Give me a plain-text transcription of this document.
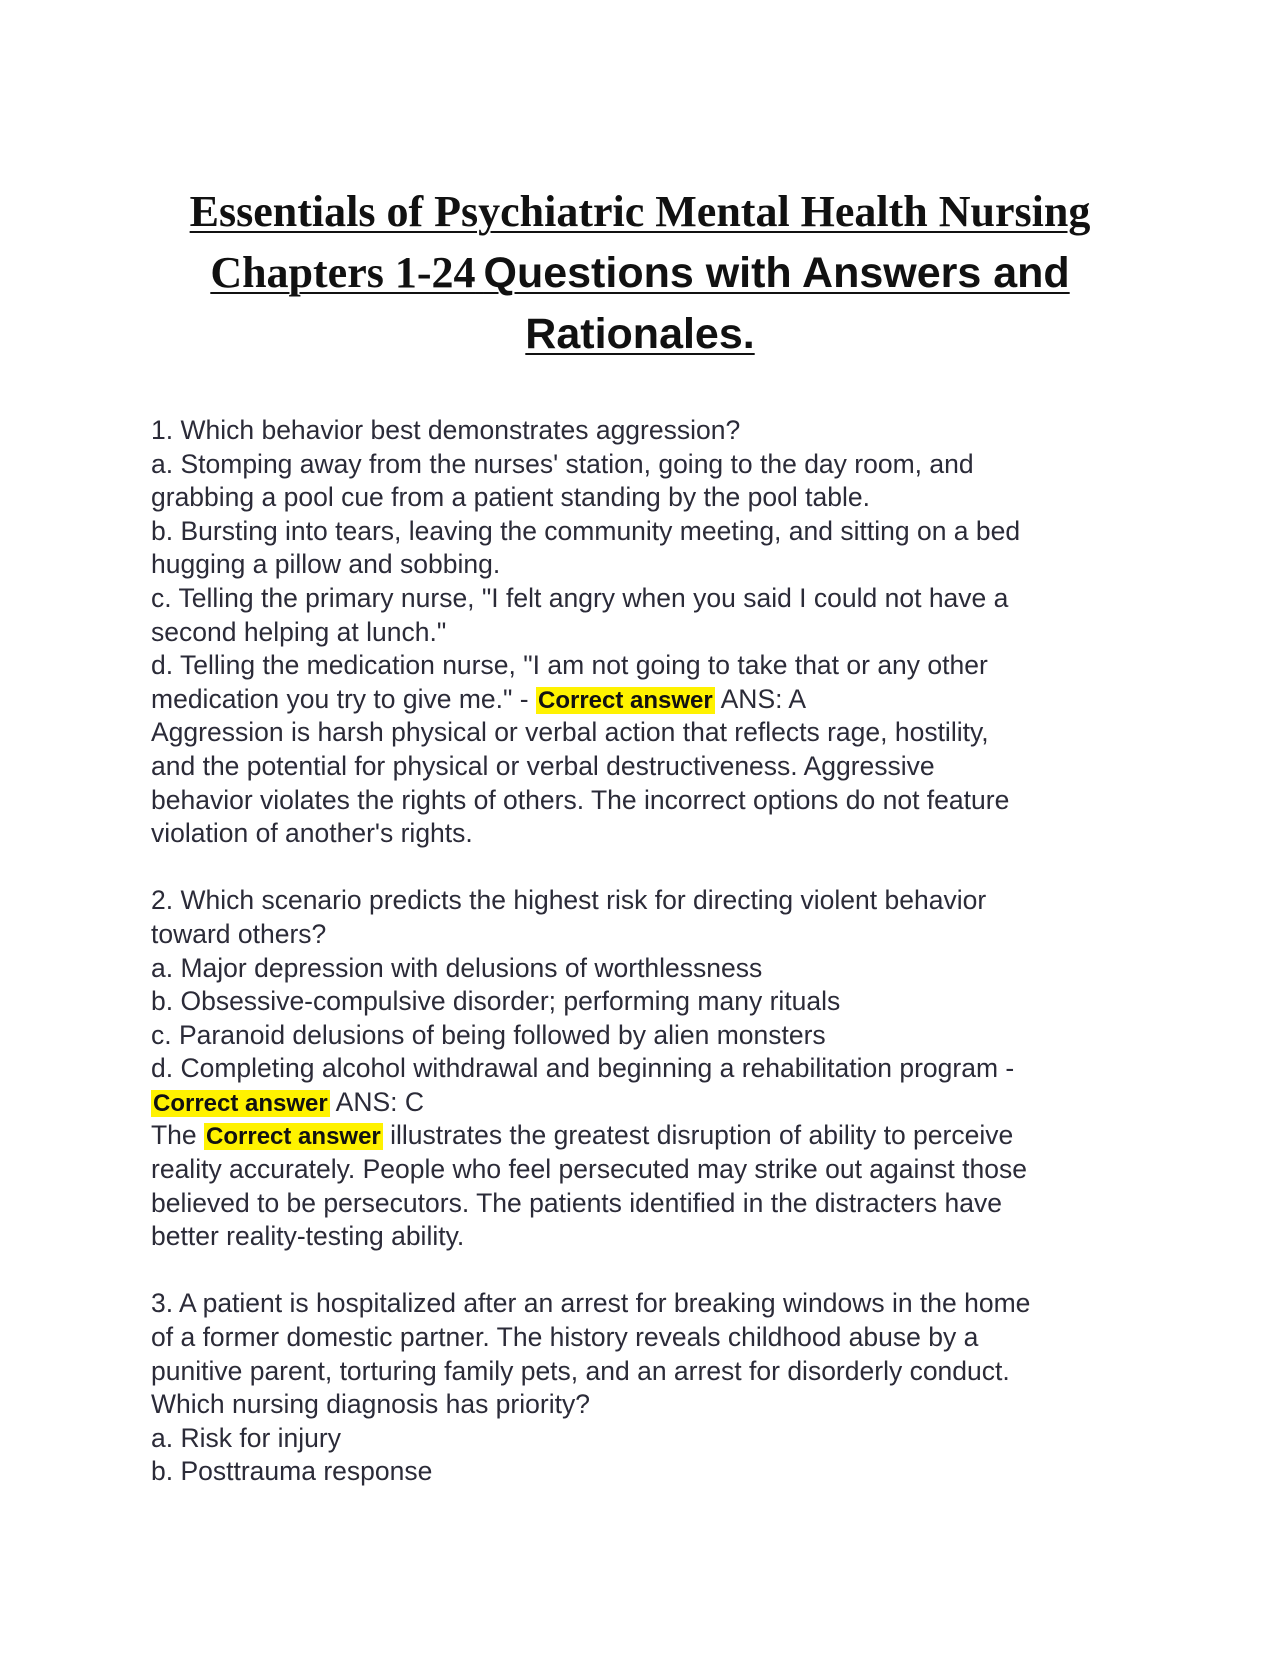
Essentials of Psychiatric Mental Health Nursing Chapters 1-24 Questions with Answers and Rationales.
1. Which behavior best demonstrates aggression?
a. Stomping away from the nurses' station, going to the day room, and
grabbing a pool cue from a patient standing by the pool table.
b. Bursting into tears, leaving the community meeting, and sitting on a bed
hugging a pillow and sobbing.
c. Telling the primary nurse, "I felt angry when you said I could not have a
second helping at lunch."
d. Telling the medication nurse, "I am not going to take that or any other
medication you try to give me." - Correct answer ANS: A
Aggression is harsh physical or verbal action that reflects rage, hostility,
and the potential for physical or verbal destructiveness. Aggressive
behavior violates the rights of others. The incorrect options do not feature
violation of another's rights.
2. Which scenario predicts the highest risk for directing violent behavior
toward others?
a. Major depression with delusions of worthlessness
b. Obsessive-compulsive disorder; performing many rituals
c. Paranoid delusions of being followed by alien monsters
d. Completing alcohol withdrawal and beginning a rehabilitation program -
Correct answer ANS: C
The Correct answer illustrates the greatest disruption of ability to perceive
reality accurately. People who feel persecuted may strike out against those
believed to be persecutors. The patients identified in the distracters have
better reality-testing ability.
3. A patient is hospitalized after an arrest for breaking windows in the home
of a former domestic partner. The history reveals childhood abuse by a
punitive parent, torturing family pets, and an arrest for disorderly conduct.
Which nursing diagnosis has priority?
a. Risk for injury
b. Posttrauma response
